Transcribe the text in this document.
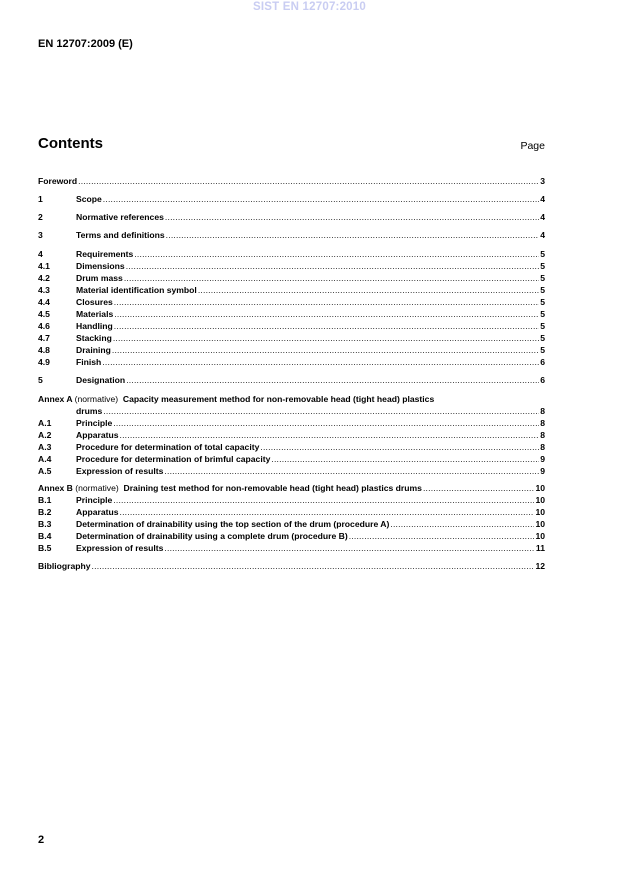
SIST EN 12707:2010
EN 12707:2009 (E)
Contents	Page
Foreword .....	3
1	Scope .....	4
2	Normative references .....	4
3	Terms and definitions .....	4
4	Requirements .....	5
4.1	Dimensions .....	5
4.2	Drum mass .....	5
4.3	Material identification symbol .....	5
4.4	Closures .....	5
4.5	Materials .....	5
4.6	Handling .....	5
4.7	Stacking .....	5
4.8	Draining .....	5
4.9	Finish .....	6
5	Designation .....	6
Annex A (normative) Capacity measurement method for non-removable head (tight head) plastics
drums .....	8
A.1	Principle .....	8
A.2	Apparatus .....	8
A.3	Procedure for determination of total capacity .....	8
A.4	Procedure for determination of brimful capacity .....	9
A.5	Expression of results .....	9
Annex B (normative) Draining test method for non-removable head (tight head) plastics drums .....	10
B.1	Principle .....	10
B.2	Apparatus .....	10
B.3	Determination of drainability using the top section of the drum (procedure A) .....	10
B.4	Determination of drainability using a complete drum (procedure B) .....	10
B.5	Expression of results .....	11
Bibliography .....	12
2
